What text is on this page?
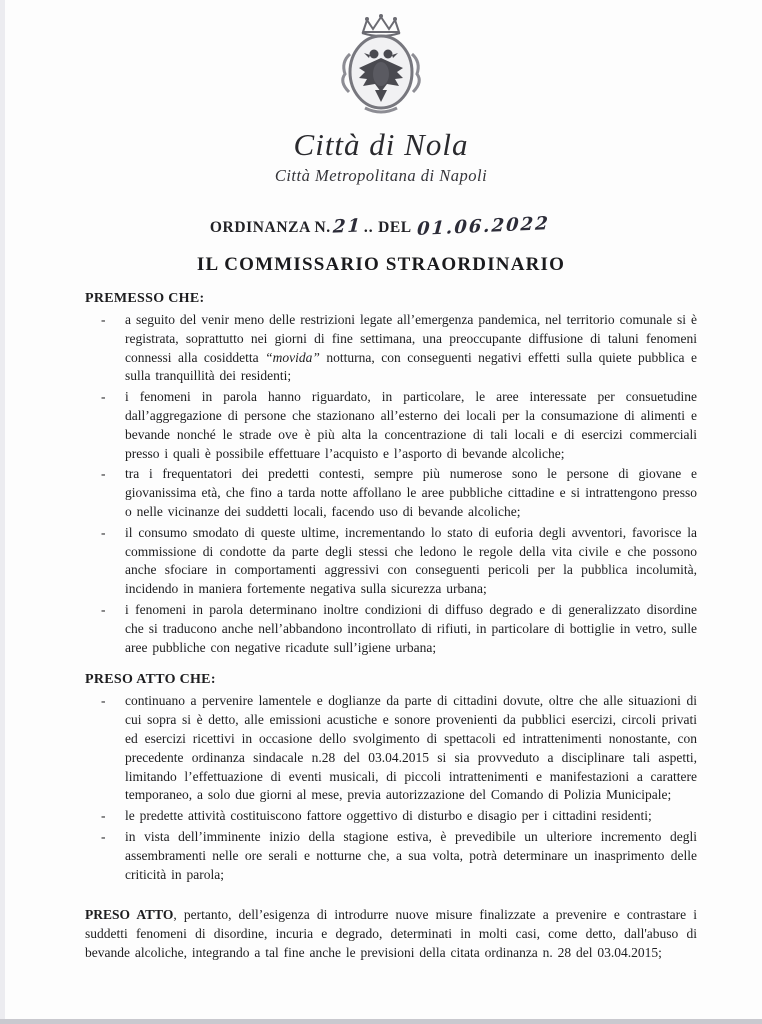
Città di Nola
Città Metropolitana di Napoli
ORDINANZA N.21.. DEL 01.06.2022
IL COMMISSARIO STRAORDINARIO
PREMESSO CHE:
-	a seguito del venir meno delle restrizioni legate all’emergenza pandemica, nel territorio comunale si è registrata, soprattutto nei giorni di fine settimana, una preoccupante diffusione di taluni fenomeni connessi alla cosiddetta “movida” notturna, con conseguenti negativi effetti sulla quiete pubblica e sulla tranquillità dei residenti;
-	i fenomeni in parola hanno riguardato, in particolare, le aree interessate per consuetudine dall’aggregazione di persone che stazionano all’esterno dei locali per la consumazione di alimenti e bevande nonché le strade ove è più alta la concentrazione di tali locali e di esercizi commerciali presso i quali è possibile effettuare l’acquisto e l’asporto di bevande alcoliche;
-	tra i frequentatori dei predetti contesti, sempre più numerose sono le persone di giovane e giovanissima età, che fino a tarda notte affollano le aree pubbliche cittadine e si intrattengono presso o nelle vicinanze dei suddetti locali, facendo uso di bevande alcoliche;
-	il consumo smodato di queste ultime, incrementando lo stato di euforia degli avventori, favorisce la commissione di condotte da parte degli stessi che ledono le regole della vita civile e che possono anche sfociare in comportamenti aggressivi con conseguenti pericoli per la pubblica incolumità, incidendo in maniera fortemente negativa sulla sicurezza urbana;
-	i fenomeni in parola determinano inoltre condizioni di diffuso degrado e di generalizzato disordine che si traducono anche nell’abbandono incontrollato di rifiuti, in particolare di bottiglie in vetro, sulle aree pubbliche con negative ricadute sull’igiene urbana;
PRESO ATTO CHE:
-	continuano a pervenire lamentele e doglianze da parte di cittadini dovute, oltre che alle situazioni di cui sopra si è detto, alle emissioni acustiche e sonore provenienti da pubblici esercizi, circoli privati ed esercizi ricettivi in occasione dello svolgimento di spettacoli ed intrattenimenti nonostante, con precedente ordinanza sindacale n.28 del 03.04.2015 si sia provveduto a disciplinare tali aspetti, limitando l’effettuazione di eventi musicali, di piccoli intrattenimenti e manifestazioni a carattere temporaneo, a solo due giorni al mese, previa autorizzazione del Comando di Polizia Municipale;
-	le predette attività costituiscono fattore oggettivo di disturbo e disagio per i cittadini residenti;
-	in vista dell’imminente inizio della stagione estiva, è prevedibile un ulteriore incremento degli assembramenti nelle ore serali e notturne che, a sua volta, potrà determinare un inasprimento delle criticità in parola;
PRESO ATTO, pertanto, dell’esigenza di introdurre nuove misure finalizzate a prevenire e contrastare i suddetti fenomeni di disordine, incuria e degrado, determinati in molti casi, come detto, dall'abuso di bevande alcoliche, integrando a tal fine anche le previsioni della citata ordinanza n. 28 del 03.04.2015;
